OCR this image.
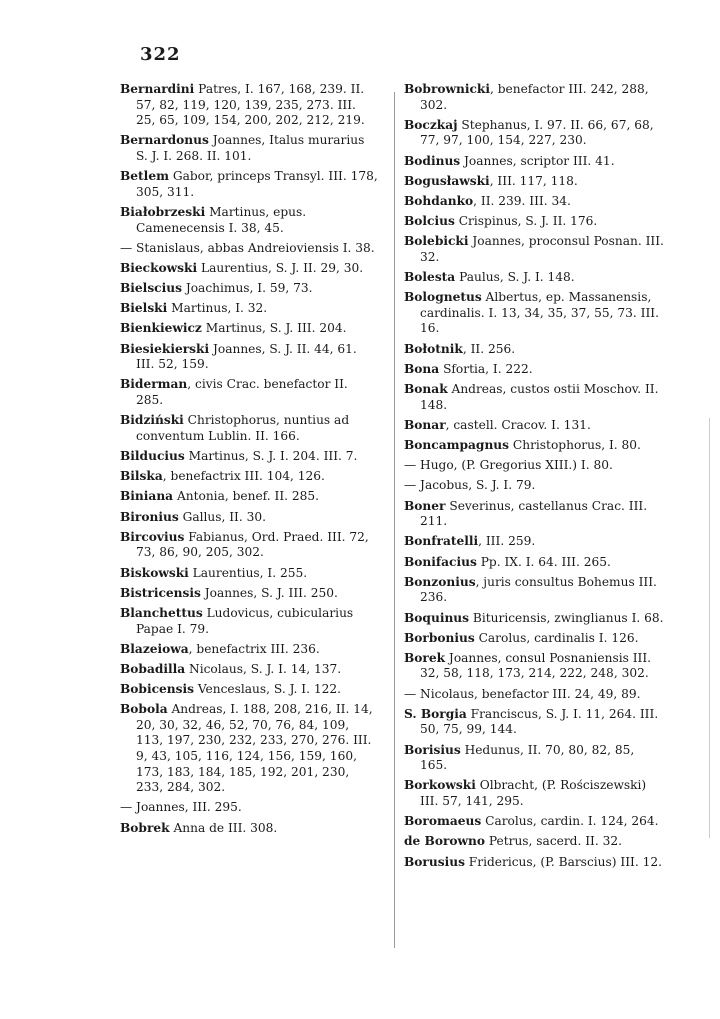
322

Bernardini Patres, I. 167, 168, 239. II. 57, 82, 119, 120, 139, 235, 273. III. 25, 65, 109, 154, 200, 202, 212, 219.

Bernardonus Joannes, Italus murarius S. J. I. 268. II. 101.

Betlem Gabor, princeps Transyl. III. 178, 305, 311.

Białobrzeski Martinus, epus. Camenecensis I. 38, 45.

— Stanislaus, abbas Andreioviensis I. 38.

Bieckowski Laurentius, S. J. II. 29, 30.

Bielscius Joachimus, I. 59, 73.

Bielski Martinus, I. 32.

Bienkiewicz Martinus, S. J. III. 204.

Biesiekierski Joannes, S. J. II. 44, 61. III. 52, 159.

Biderman, civis Crac. benefactor II. 285.

Bidziński Christophorus, nuntius ad conventum Lublin. II. 166.

Bilducius Martinus, S. J. I. 204. III. 7.

Bilska, benefactrix III. 104, 126.

Biniana Antonia, benef. II. 285.

Bironius Gallus, II. 30.

Bircovius Fabianus, Ord. Praed. III. 72, 73, 86, 90, 205, 302.

Biskowski Laurentius, I. 255.

Bistricensis Joannes, S. J. III. 250.

Blanchettus Ludovicus, cubicularius Papae I. 79.

Blazeiowa, benefactrix III. 236.

Bobadilla Nicolaus, S. J. I. 14, 137.

Bobicensis Venceslaus, S. J. I. 122.

Bobola Andreas, I. 188, 208, 216, II. 14, 20, 30, 32, 46, 52, 70, 76, 84, 109, 113, 197, 230, 232, 233, 270, 276. III. 9, 43, 105, 116, 124, 156, 159, 160, 173, 183, 184, 185, 192, 201, 230, 233, 284, 302.

— Joannes, III. 295.

Bobrek Anna de III. 308.

Bobrownicki, benefactor III. 242, 288, 302.

Boczkaj Stephanus, I. 97. II. 66, 67, 68, 77, 97, 100, 154, 227, 230.

Bodinus Joannes, scriptor III. 41.

Bogusławski, III. 117, 118.

Bohdanko, II. 239. III. 34.

Bolcius Crispinus, S. J. II. 176.

Bolebicki Joannes, proconsul Posnan. III. 32.

Bolesta Paulus, S. J. I. 148.

Bolognetus Albertus, ep. Massanensis, cardinalis. I. 13, 34, 35, 37, 55, 73. III. 16.

Bołotnik, II. 256.

Bona Sfortia, I. 222.

Bonak Andreas, custos ostii Moschov. II. 148.

Bonar, castell. Cracov. I. 131.

Boncampagnus Christophorus, I. 80.

— Hugo, (P. Gregorius XIII.) I. 80.

— Jacobus, S. J. I. 79.

Boner Severinus, castellanus Crac. III. 211.

Bonfratelli, III. 259.

Bonifacius Pp. IX. I. 64. III. 265.

Bonzonius, juris consultus Bohemus III. 236.

Boquinus Bituricensis, zwinglianus I. 68.

Borbonius Carolus, cardinalis I. 126.

Borek Joannes, consul Posnaniensis III. 32, 58, 118, 173, 214, 222, 248, 302.

— Nicolaus, benefactor III. 24, 49, 89.

S. Borgia Franciscus, S. J. I. 11, 264. III. 50, 75, 99, 144.

Borisius Hedunus, II. 70, 80, 82, 85, 165.

Borkowski Olbracht, (P. Rościszewski) III. 57, 141, 295.

Boromaeus Carolus, cardin. I. 124, 264.

de Borowno Petrus, sacerd. II. 32.

Borusius Fridericus, (P. Barscius) III. 12.
